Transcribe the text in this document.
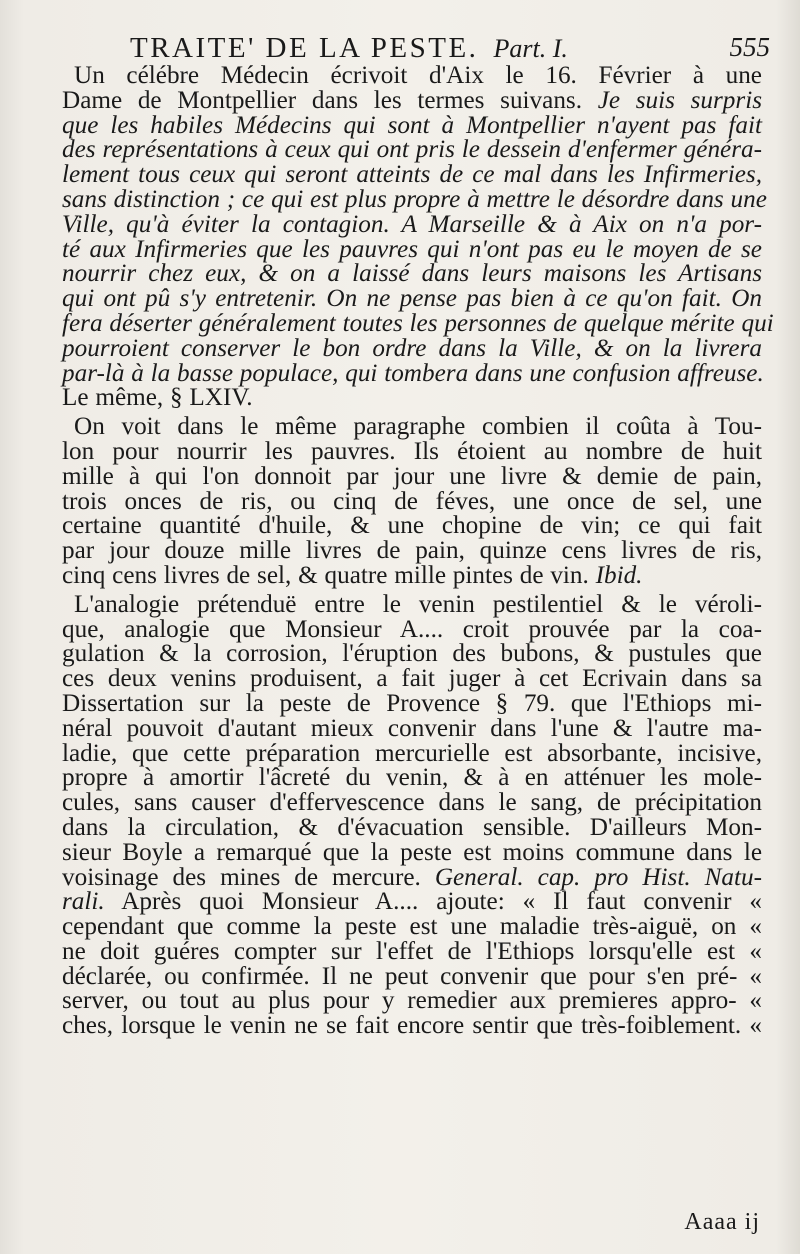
TRAITE' DE LA PESTE. Part. I.	555
Un célébre Médecin écrivoit d'Aix le 16. Février à une
Dame de Montpellier dans les termes suivans. Je suis surpris
que les habiles Médecins qui sont à Montpellier n'ayent pas fait
des représentations à ceux qui ont pris le dessein d'enfermer généra-
lement tous ceux qui seront atteints de ce mal dans les Infirmeries,
sans distinction ; ce qui est plus propre à mettre le désordre dans une
Ville, qu'à éviter la contagion. A Marseille & à Aix on n'a por-
té aux Infirmeries que les pauvres qui n'ont pas eu le moyen de se
nourrir chez eux, & on a laissé dans leurs maisons les Artisans
qui ont pû s'y entretenir. On ne pense pas bien à ce qu'on fait. On
fera déserter généralement toutes les personnes de quelque mérite qui
pourroient conserver le bon ordre dans la Ville, & on la livrera
par-là à la basse populace, qui tombera dans une confusion affreuse.
Le même, § LXIV.
On voit dans le même paragraphe combien il coûta à Tou-
lon pour nourrir les pauvres. Ils étoient au nombre de huit
mille à qui l'on donnoit par jour une livre & demie de pain,
trois onces de ris, ou cinq de féves, une once de sel, une
certaine quantité d'huile, & une chopine de vin; ce qui fait
par jour douze mille livres de pain, quinze cens livres de ris,
cinq cens livres de sel, & quatre mille pintes de vin. Ibid.
L'analogie prétenduë entre le venin pestilentiel & le véroli-
que, analogie que Monsieur A.... croit prouvée par la coa-
gulation & la corrosion, l'éruption des bubons, & pustules que
ces deux venins produisent, a fait juger à cet Ecrivain dans sa
Dissertation sur la peste de Provence § 79. que l'Ethiops mi-
néral pouvoit d'autant mieux convenir dans l'une & l'autre ma-
ladie, que cette préparation mercurielle est absorbante, incisive,
propre à amortir l'âcreté du venin, & à en atténuer les mole-
cules, sans causer d'effervescence dans le sang, de précipitation
dans la circulation, & d'évacuation sensible. D'ailleurs Mon-
sieur Boyle a remarqué que la peste est moins commune dans le
voisinage des mines de mercure. General. cap. pro Hist. Natu-
rali. Après quoi Monsieur A.... ajoute: « Il faut convenir «
cependant que comme la peste est une maladie très-aiguë, on «
ne doit guéres compter sur l'effet de l'Ethiops lorsqu'elle est «
déclarée, ou confirmée. Il ne peut convenir que pour s'en pré- «
server, ou tout au plus pour y remedier aux premieres appro- «
ches, lorsque le venin ne se fait encore sentir que très-foiblement. «
Aaaa ij
